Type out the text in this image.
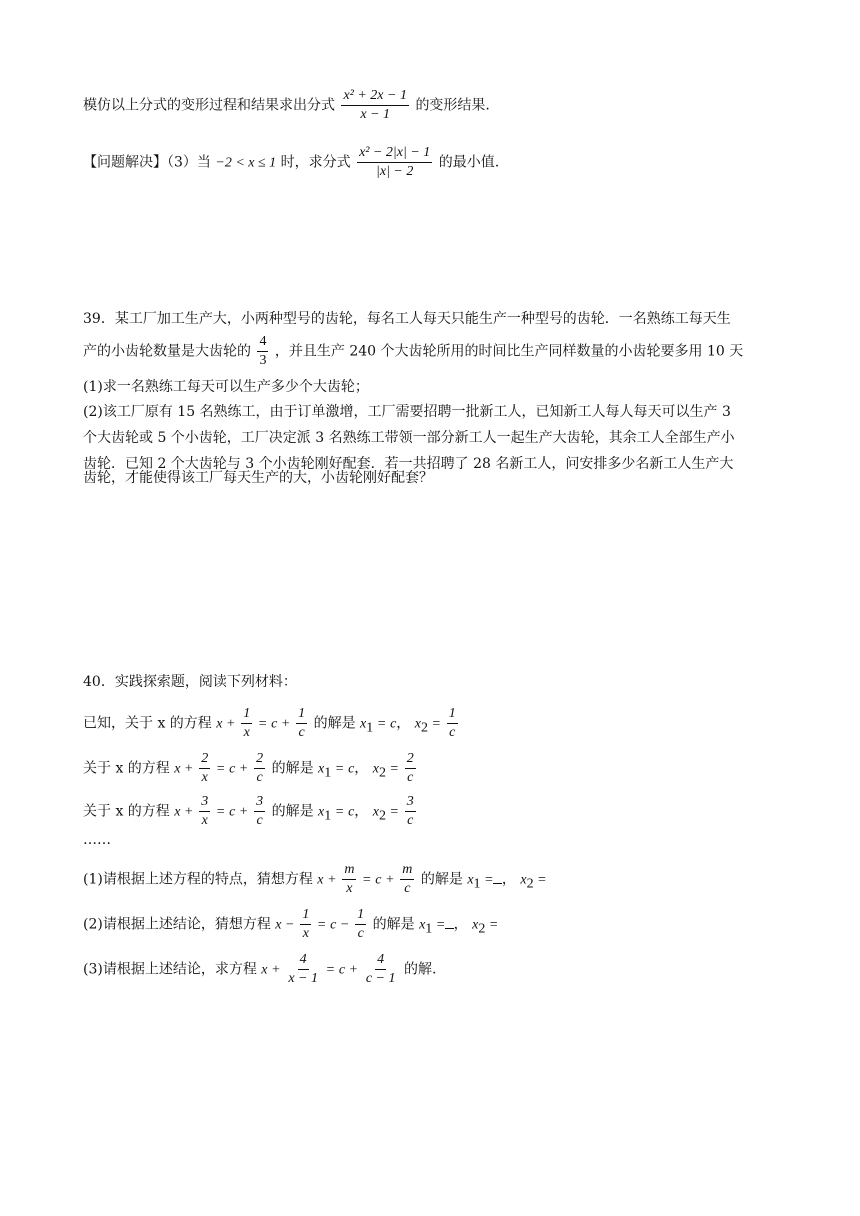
模仿以上分式的变形过程和结果求出分式 $\frac{\text{x² + 2x − 1}}{x - 1}$ 的变形结果.
【问题解决】（3）当 −2 < x ≤ 1 时，求分式 $\frac{\text{x² − 2|x| − 1}}{|x| - 2}$ 的最小值.
39．某工厂加工生产大，小两种型号的齿轮，每名工人每天只能生产一种型号的齿轮．一名熟练工每天生
产的小齿轮数量是大齿轮的 $\frac{4}{3}$ ，并且生产 240 个大齿轮所用的时间比生产同样数量的小齿轮要多用 10 天
(1)求一名熟练工每天可以生产多少个大齿轮；
(2)该工厂原有 15 名熟练工，由于订单激增，工厂需要招聘一批新工人，已知新工人每人每天可以生产 3
个大齿轮或 5 个小齿轮，工厂决定派 3 名熟练工带领一部分新工人一起生产大齿轮，其余工人全部生产小
齿轮．已知 2 个大齿轮与 3 个小齿轮刚好配套．若一共招聘了 28 名新工人，问安排多少名新工人生产大
齿轮，才能使得该工厂每天生产的大，小齿轮刚好配套？
40．实践探索题，阅读下列材料：
已知，关于 x 的方程 $x + \frac{1}{x} = c + \frac{1}{c}$ 的解是 $x_1 = c$， $x_2 = \frac{1}{c}$
关于 x 的方程 $x + \frac{2}{x} = c + \frac{2}{c}$ 的解是 $x_1 = c$， $x_2 = \frac{2}{c}$
关于 x 的方程 $x + \frac{3}{x} = c + \frac{3}{c}$ 的解是 $x_1 = c$， $x_2 = \frac{3}{c}$
……
(1)请根据上述方程的特点，猜想方程 $x + \frac{m}{x} = c + \frac{m}{c}$ 的解是 $x_1$ = ， $x_2$ =
(2)请根据上述结论，猜想方程 $x - \frac{1}{x} = c - \frac{1}{c}$ 的解是 $x_1$ = ， $x_2$ =
(3)请根据上述结论，求方程 $x + \frac{4}{x - 1} = c + \frac{4}{c - 1}$ 的解.
